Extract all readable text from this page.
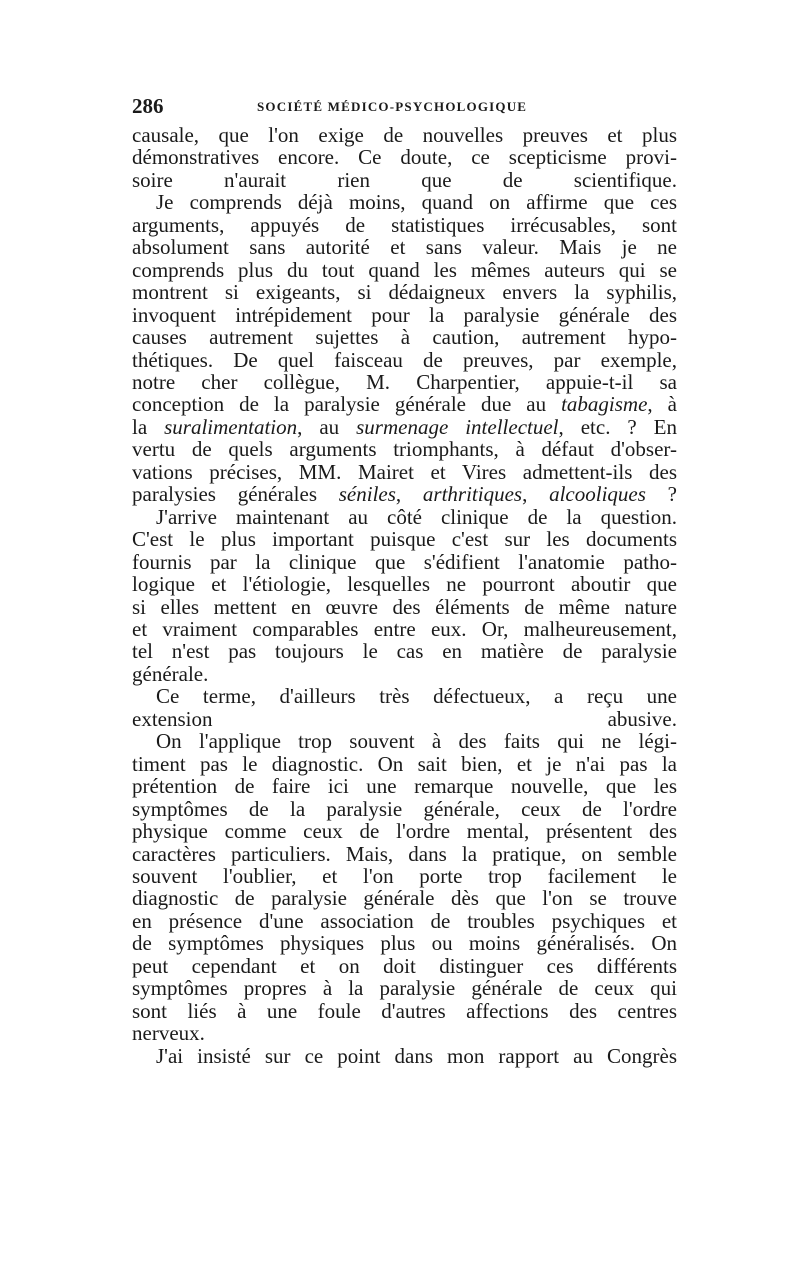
286	SOCIÉTÉ MÉDICO-PSYCHOLOGIQUE

causale, que l'on exige de nouvelles preuves et plus
démonstratives encore. Ce doute, ce scepticisme provi-
soire n'aurait rien que de scientifique.

Je comprends déjà moins, quand on affirme que ces
arguments, appuyés de statistiques irrécusables, sont
absolument sans autorité et sans valeur. Mais je ne
comprends plus du tout quand les mêmes auteurs qui se
montrent si exigeants, si dédaigneux envers la syphilis,
invoquent intrépidement pour la paralysie générale des
causes autrement sujettes à caution, autrement hypo-
thétiques. De quel faisceau de preuves, par exemple,
notre cher collègue, M. Charpentier, appuie-t-il sa
conception de la paralysie générale due au tabagisme, à
la suralimentation, au surmenage intellectuel, etc. ? En
vertu de quels arguments triomphants, à défaut d'obser-
vations précises, MM. Mairet et Vires admettent-ils des
paralysies générales séniles, arthritiques, alcooliques ?

J'arrive maintenant au côté clinique de la question.
C'est le plus important puisque c'est sur les documents
fournis par la clinique que s'édifient l'anatomie patho-
logique et l'étiologie, lesquelles ne pourront aboutir que
si elles mettent en œuvre des éléments de même nature
et vraiment comparables entre eux. Or, malheureusement,
tel n'est pas toujours le cas en matière de paralysie
générale.

Ce terme, d'ailleurs très défectueux, a reçu une
extension abusive.

On l'applique trop souvent à des faits qui ne légi-
timent pas le diagnostic. On sait bien, et je n'ai pas la
prétention de faire ici une remarque nouvelle, que les
symptômes de la paralysie générale, ceux de l'ordre
physique comme ceux de l'ordre mental, présentent des
caractères particuliers. Mais, dans la pratique, on semble
souvent l'oublier, et l'on porte trop facilement le
diagnostic de paralysie générale dès que l'on se trouve
en présence d'une association de troubles psychiques et
de symptômes physiques plus ou moins généralisés. On
peut cependant et on doit distinguer ces différents
symptômes propres à la paralysie générale de ceux qui
sont liés à une foule d'autres affections des centres
nerveux.

J'ai insisté sur ce point dans mon rapport au Congrès
